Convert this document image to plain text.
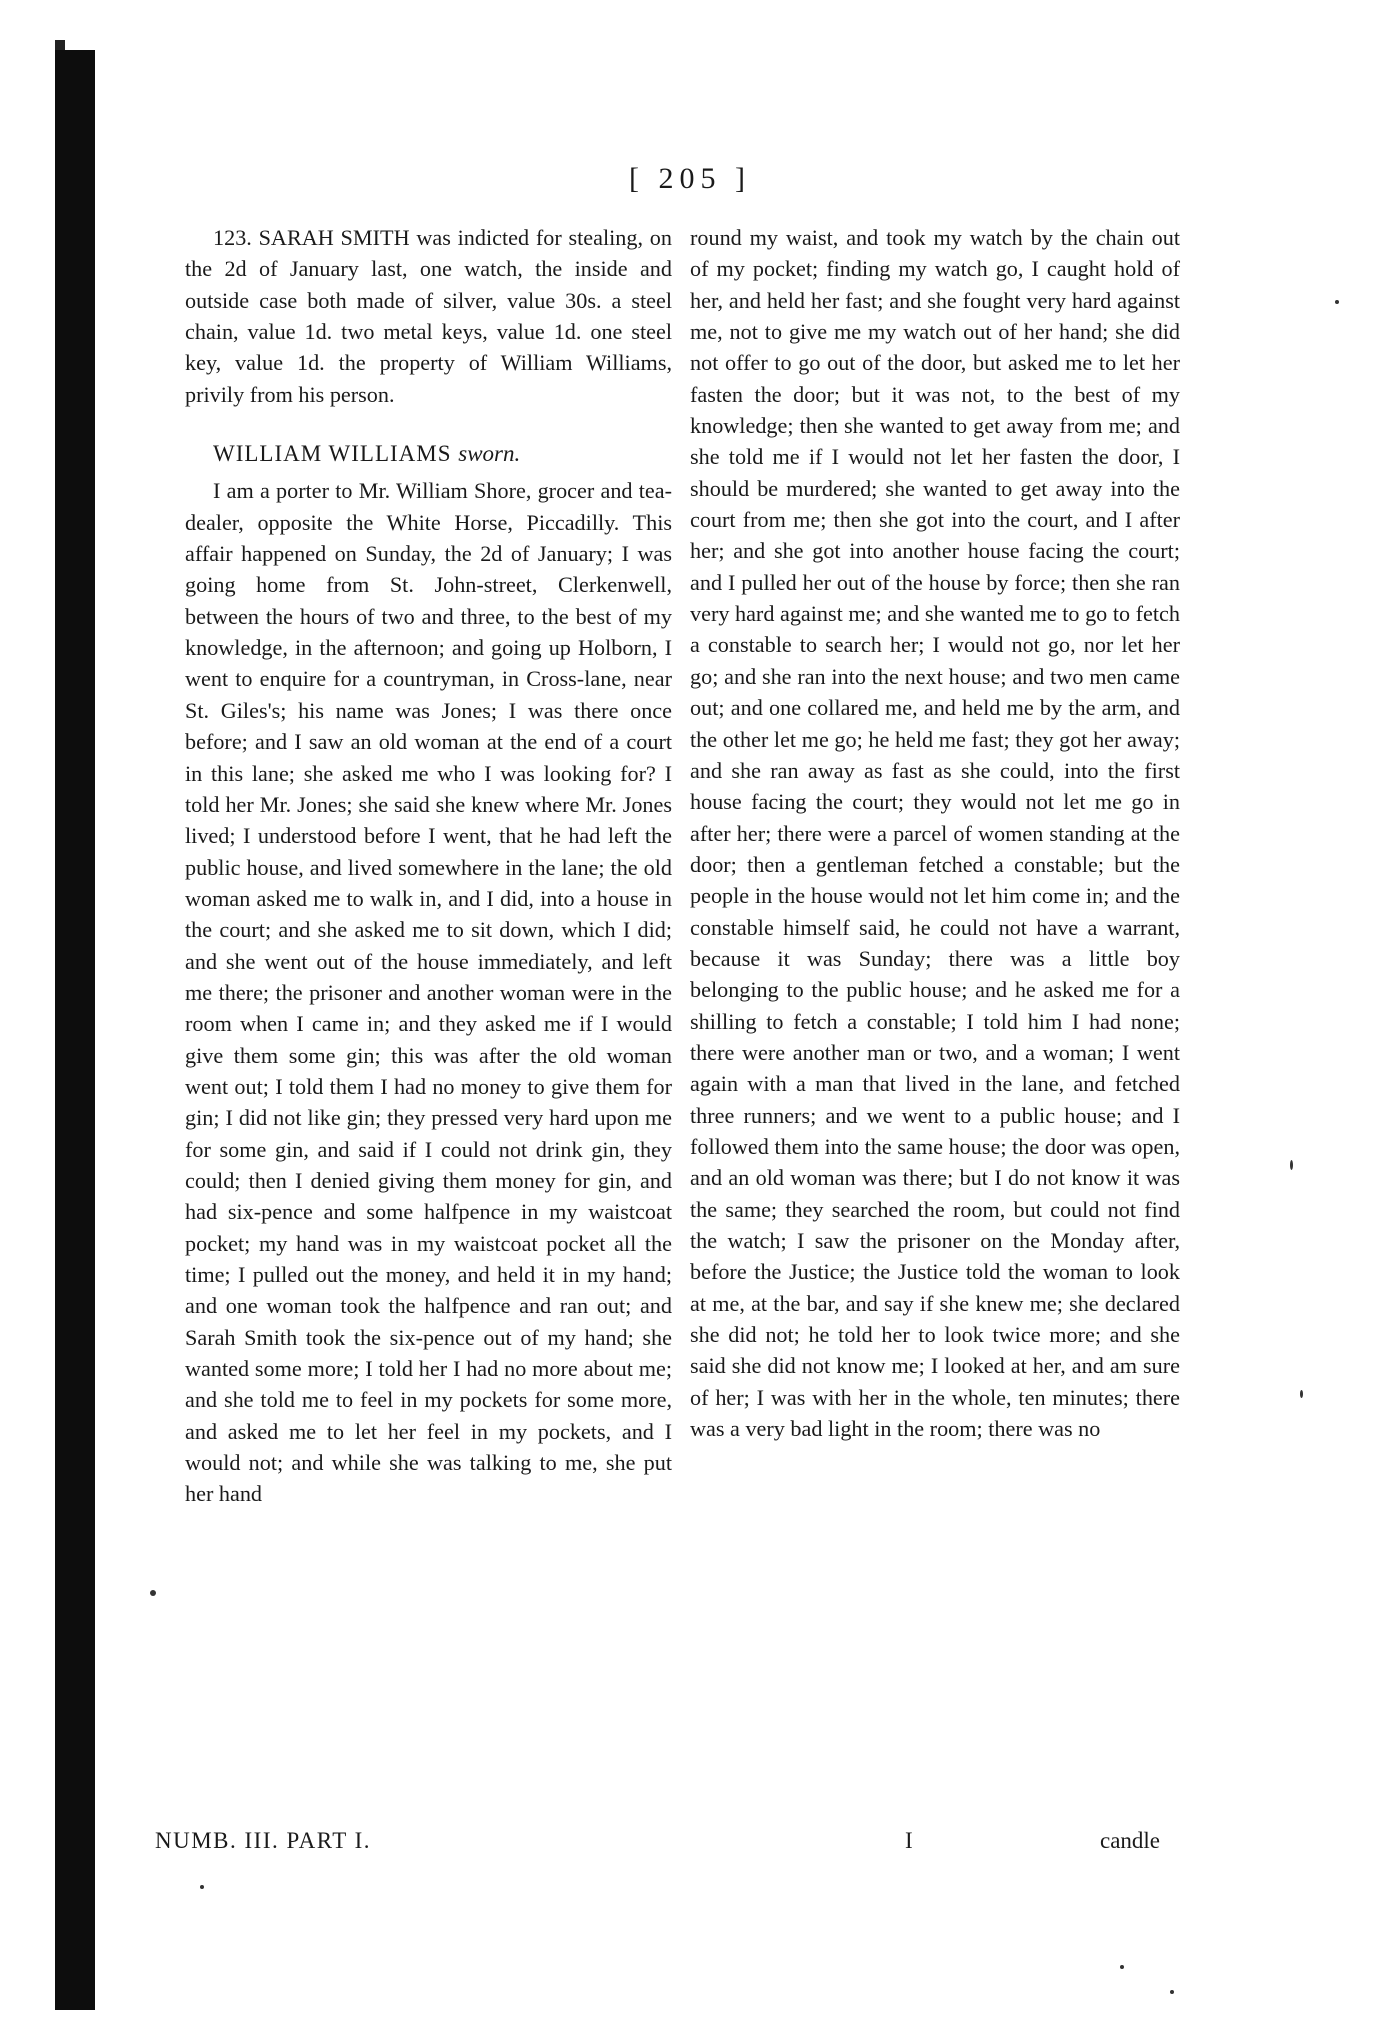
[ 205 ]

123. SARAH SMITH was indicted for stealing, on the 2d of January last, one watch, the inside and outside case both made of silver, value 30s. a steel chain, value 1d. two metal keys, value 1d. one steel key, value 1d. the property of William Williams, privily from his person.

WILLIAM WILLIAMS sworn.

I am a porter to Mr. William Shore, grocer and tea-dealer, opposite the White Horse, Piccadilly. This affair happened on Sunday, the 2d of January; I was going home from St. John-street, Clerkenwell, between the hours of two and three, to the best of my knowledge, in the afternoon; and going up Holborn, I went to enquire for a countryman, in Cross-lane, near St. Giles's; his name was Jones; I was there once before; and I saw an old woman at the end of a court in this lane; she asked me who I was looking for? I told her Mr. Jones; she said she knew where Mr. Jones lived; I understood before I went, that he had left the public house, and lived somewhere in the lane; the old woman asked me to walk in, and I did, into a house in the court; and she asked me to sit down, which I did; and she went out of the house immediately, and left me there; the prisoner and another woman were in the room when I came in; and they asked me if I would give them some gin; this was after the old woman went out; I told them I had no money to give them for gin; I did not like gin; they pressed very hard upon me for some gin, and said if I could not drink gin, they could; then I denied giving them money for gin, and had six-pence and some halfpence in my waistcoat pocket; my hand was in my waistcoat pocket all the time; I pulled out the money, and held it in my hand; and one woman took the halfpence and ran out; and Sarah Smith took the six-pence out of my hand; she wanted some more; I told her I had no more about me; and she told me to feel in my pockets for some more, and asked me to let her feel in my pockets, and I would not; and while she was talking to me, she put her hand

round my waist, and took my watch by the chain out of my pocket; finding my watch go, I caught hold of her, and held her fast; and she fought very hard against me, not to give me my watch out of her hand; she did not offer to go out of the door, but asked me to let her fasten the door; but it was not, to the best of my knowledge; then she wanted to get away from me; and she told me if I would not let her fasten the door, I should be murdered; she wanted to get away into the court from me; then she got into the court, and I after her; and she got into another house facing the court; and I pulled her out of the house by force; then she ran very hard against me; and she wanted me to go to fetch a constable to search her; I would not go, nor let her go; and she ran into the next house; and two men came out; and one collared me, and held me by the arm, and the other let me go; he held me fast; they got her away; and she ran away as fast as she could, into the first house facing the court; they would not let me go in after her; there were a parcel of women standing at the door; then a gentleman fetched a constable; but the people in the house would not let him come in; and the constable himself said, he could not have a warrant, because it was Sunday; there was a little boy belonging to the public house; and he asked me for a shilling to fetch a constable; I told him I had none; there were another man or two, and a woman; I went again with a man that lived in the lane, and fetched three runners; and we went to a public house; and I followed them into the same house; the door was open, and an old woman was there; but I do not know it was the same; they searched the room, but could not find the watch; I saw the prisoner on the Monday after, before the Justice; the Justice told the woman to look at me, at the bar, and say if she knew me; she declared she did not; he told her to look twice more; and she said she did not know me; I looked at her, and am sure of her; I was with her in the whole, ten minutes; there was a very bad light in the room; there was no

NUMB. III. PART I.	I	candle
